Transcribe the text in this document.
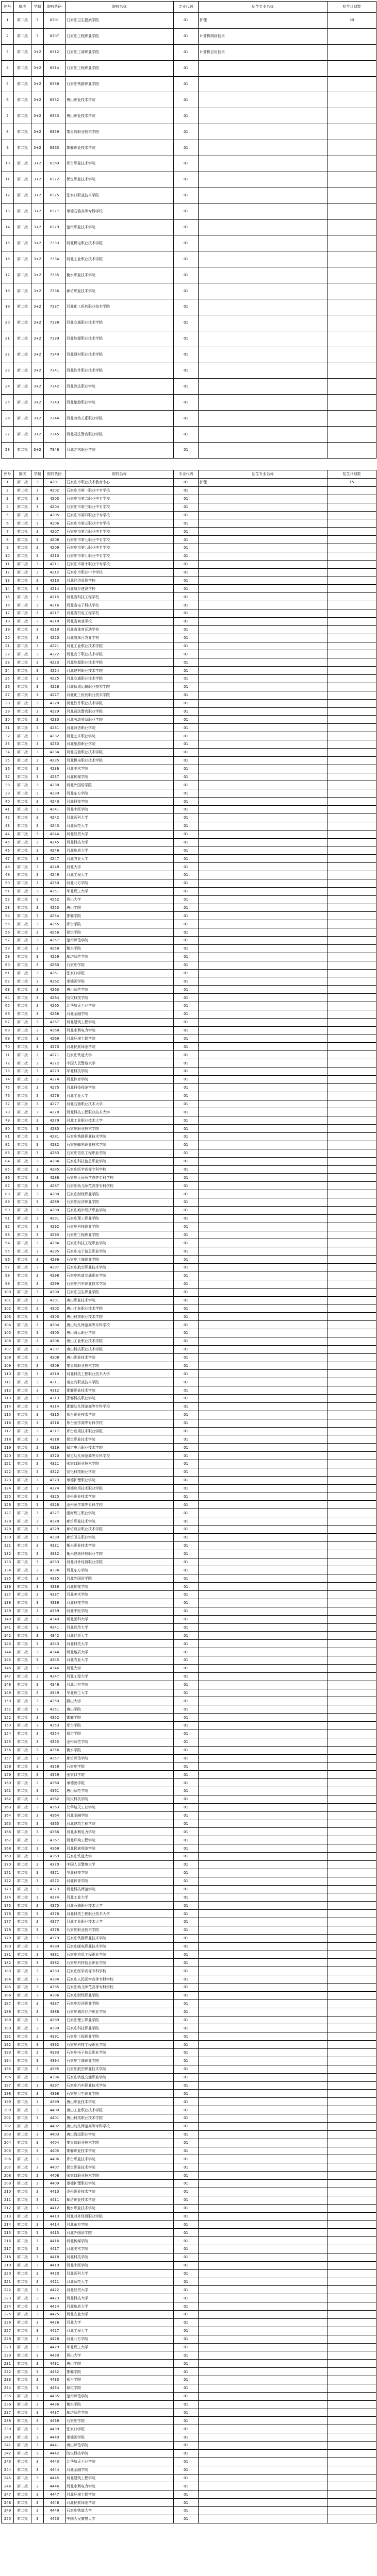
序号	批次	学制	院校代码	院校名称	专业代码	招生专业名称	招生计划数
1	第二批	3	8301	石家庄卫生健康学院	01	护理	30
2	第二批	3	8307	石家庄工程职业学院	01	计算机网络技术	
3	第二批	3+2	8312	石家庄工商职业学院	01	计算机应用技术	
4	第二批	3+2	8314	石家庄工程职业学院	01		
5	第二批	3+2	8338	石家庄铁路职业学院	01		
6	第二批	3+2	8352	唐山职业技术学院	01		
7	第二批	3+2	8353	唐山职业技术学院	01		
8	第二批	3+2	8359	秦皇岛职业技术学院	01		
9	第二批	3+2	8363	邯郸职业技术学院	01		
10	第二批	3+2	8369	邢台职业技术学院	01		
11	第二批	3+2	8372	保定职业技术学院	01		
12	第二批	3+2	8375	张家口职业技术学院	01		
13	第二批	3+2	8377	承德石油高等专科学校	01		
14	第二批	3+2	8379	沧州职业技术学院	01		
15	第二批	3+2	7333	河北机电职业技术学院	01		
16	第二批	3+2	7334	河北工业职业技术学院	01		
17	第二批	3+2	7335	衡水职业技术学院	01		
18	第二批	3+2	7336	廊坊职业技术学院	01		
19	第二批	3+2	7337	河北化工医药职业技术学院	01		
20	第二批	3+2	7338	河北交通职业技术学院	01		
21	第二批	3+2	7339	河北能源职业技术学院	01		
22	第二批	3+2	7340	河北建材职业技术学院	01		
23	第二批	3+2	7341	河北软件职业技术学院	01		
24	第二批	3+2	7342	河北政法职业学院	01		
25	第二批	3+2	7343	河北旅游职业学院	01		
26	第二批	3+2	7344	河北劳动关系职业学院	01		
27	第二批	3+2	7345	河北司法警官职业学院	01		
28	第二批	3+2	7346	河北艺术职业学院	01		
序号	批次	学制	院校代码	院校名称	专业代码	招生专业名称	招生计划数
1	第二批	3	4201	石家庄市职业技术教育中心	01	护理	15
2	第二批	3	4202	石家庄市第一职业中专学校	01		
3	第二批	3	4203	石家庄市第二职业中专学校	01		
4	第二批	3	4204	石家庄市第三职业中专学校	01		
5	第二批	3	4205	石家庄市第四职业中专学校	01		
6	第二批	3	4206	石家庄市第五职业中专学校	01		
7	第二批	3	4207	石家庄市第六职业中专学校	01		
8	第二批	3	4208	石家庄市第七职业中专学校	01		
9	第二批	3	4209	石家庄市第八职业中专学校	01		
10	第二批	3	4210	石家庄市第九职业中专学校	01		
11	第二批	3	4211	石家庄市第十职业中专学校	01		
12	第二批	3	4212	石家庄市职业中专学校	01		
13	第二批	3	4213	河北经济管理学校	01		
14	第二批	3	4214	河北城乡建设学校	01		
15	第二批	3	4215	河北省科技工程学校	01		
16	第二批	3	4216	河北省电子科技学校	01		
17	第二批	3	4217	河北省机电工程学校	01		
18	第二批	3	4218	河北省商业学校	01		
19	第二批	3	4219	河北省体育运动学校	01		
20	第二批	3	4220	河北省邢台农业学校	01		
21	第二批	3	4221	河北工业职业技术学院	01		
22	第二批	3	4222	河北女子职业技术学院	01		
23	第二批	3	4223	河北能源职业技术学院	01		
24	第二批	3	4224	河北建材职业技术学院	01		
25	第二批	3	4225	河北交通职业技术学院	01		
26	第二批	3	4226	河北轨道运输职业技术学院	01		
27	第二批	3	4227	河北化工医药职业技术学院	01		
28	第二批	3	4228	河北软件职业技术学院	01		
29	第二批	3	4229	河北司法警官职业学院	01		
30	第二批	3	4230	河北劳动关系职业学院	01		
31	第二批	3	4231	河北政法职业学院	01		
32	第二批	3	4232	河北艺术职业学院	01		
33	第二批	3	4233	河北旅游职业学院	01		
34	第二批	3	4234	河北石油职业技术学院	01		
35	第二批	3	4235	河北机电职业技术学院	01		
36	第二批	3	4236	河北美术学院	01		
37	第二批	3	4237	河北传媒学院	01		
38	第二批	3	4238	河北外国语学院	01		
39	第二批	3	4239	河北东方学院	01		
40	第二批	3	4240	河北科技学院	01		
41	第二批	3	4241	河北中医学院	01		
42	第二批	3	4242	河北医科大学	01		
43	第二批	3	4243	河北师范大学	01		
44	第二批	3	4244	河北经贸大学	01		
45	第二批	3	4245	河北科技大学	01		
46	第二批	3	4246	河北地质大学	01		
47	第二批	3	4247	河北农业大学	01		
48	第二批	3	4248	河北大学	01		
49	第二批	3	4249	河北工程大学	01		
50	第二批	3	4250	河北北方学院	01		
51	第二批	3	4251	华北理工大学	01		
52	第二批	3	4252	燕山大学	01		
53	第二批	3	4253	唐山学院	01		
54	第二批	3	4254	邯郸学院	01		
55	第二批	3	4255	邢台学院	01		
56	第二批	3	4256	保定学院	01		
57	第二批	3	4257	沧州师范学院	01		
58	第二批	3	4258	衡水学院	01		
59	第二批	3	4259	廊坊师范学院	01		
60	第二批	3	4260	石家庄学院	01		
61	第二批	3	4261	张家口学院	01		
62	第二批	3	4262	承德医学院	01		
63	第二批	3	4263	唐山师范学院	01		
64	第二批	3	4264	防灾科技学院	01		
65	第二批	3	4265	北华航天工业学院	01		
66	第二批	3	4266	河北金融学院	01		
67	第二批	3	4267	河北建筑工程学院	01		
68	第二批	3	4268	河北水利电力学院	01		
69	第二批	3	4269	河北环境工程学院	01		
70	第二批	3	4270	河北民族师范学院	01		
71	第二批	3	4271	石家庄铁道大学	01		
72	第二批	3	4272	中国人民警察大学	01		
73	第二批	3	4273	华北科技学院	01		
74	第二批	3	4274	河北体育学院	01		
75	第二批	3	4275	河北科技师范学院	01		
76	第二批	3	4276	河北工业大学	01		
77	第二批	3	4277	河北石油职业技术大学	01		
78	第二批	3	4278	河北科技工程职业技术大学	01		
79	第二批	3	4279	河北工业职业技术大学	01		
80	第二批	3	4280	石家庄职业技术学院	01		
81	第二批	3	4281	石家庄铁路职业技术学院	01		
82	第二批	3	4282	石家庄邮电职业技术学院	01		
83	第二批	3	4283	石家庄信息工程职业学院	01		
84	第二批	3	4284	石家庄科技信息职业学院	01		
85	第二批	3	4285	石家庄医学高等专科学校	01		
86	第二批	3	4286	石家庄人民医学高等专科学校	01		
87	第二批	3	4287	石家庄幼儿师范高等专科学校	01		
88	第二批	3	4288	石家庄财经职业学院	01		
89	第二批	3	4289	石家庄经济职业学院	01		
90	第二批	3	4290	石家庄城市经济职业学院	01		
91	第二批	3	4291	石家庄理工职业学院	01		
92	第二批	3	4292	石家庄科技职业学院	01		
93	第二批	3	4293	石家庄工程职业学院	01		
94	第二批	3	4294	石家庄科技工程职业学院	01		
95	第二批	3	4295	石家庄电子信息职业学院	01		
96	第二批	3	4296	石家庄工商职业学院	01		
97	第二批	3	4297	石家庄航空职业技术学院	01		
98	第二批	3	4298	石家庄轨道交通职业学院	01		
99	第二批	3	4299	石家庄汽车职业技术学院	01		
100	第二批	3	4300	石家庄卫生职业学院	01		
101	第二批	3	4301	唐山职业技术学院	01		
102	第二批	3	4302	唐山工业职业技术学院	01		
103	第二批	3	4303	唐山科技职业技术学院	01		
104	第二批	3	4304	唐山幼儿师范高等专科学校	01		
105	第二批	3	4305	唐山海运职业学院	01		
106	第二批	3	4306	唐山工业职业技术学院	01		
107	第二批	3	4307	唐山科技职业技术学院	01		
108	第二批	3	4308	唐山职业技术学院	01		
109	第二批	3	4309	秦皇岛职业技术学院	01		
110	第二批	3	4310	河北科技工程职业技术大学	01		
111	第二批	3	4311	秦皇岛职业技术学院	01		
112	第二批	3	4312	邯郸职业技术学院	01		
113	第二批	3	4313	邯郸科技职业学院	01		
114	第二批	3	4314	邯郸幼儿师范高等专科学校	01		
115	第二批	3	4315	邢台职业技术学院	01		
116	第二批	3	4316	邢台医学高等专科学校	01		
117	第二批	3	4317	邢台应用技术职业学院	01		
118	第二批	3	4318	保定职业技术学院	01		
119	第二批	3	4319	保定电力职业技术学院	01		
120	第二批	3	4320	保定幼儿师范高等专科学校	01		
121	第二批	3	4321	张家口职业技术学院	01		
122	第二批	3	4322	宣化科技职业学院	01		
123	第二批	3	4323	承德护理职业学院	01		
124	第二批	3	4324	承德应用技术职业学院	01		
125	第二批	3	4325	沧州职业技术学院	01		
126	第二批	3	4326	沧州医学高等专科学校	01		
127	第二批	3	4327	渤海理工职业学院	01		
128	第二批	3	4328	廊坊职业技术学院	01		
129	第二批	3	4329	廊坊燕京职业技术学院	01		
130	第二批	3	4330	廊坊卫生职业学院	01		
131	第二批	3	4331	衡水职业技术学院	01		
132	第二批	3	4332	衡水健康科技职业学院	01		
133	第二批	3	4333	河北对外经贸职业学院	01		
134	第二批	3	4334	河北东方学院	01		
135	第二批	3	4335	河北外国语学院	01		
136	第二批	3	4336	河北传媒学院	01		
137	第二批	3	4337	河北美术学院	01		
138	第二批	3	4338	河北科技学院	01		
139	第二批	3	4339	河北中医学院	01		
140	第二批	3	4340	河北医科大学	01		
141	第二批	3	4341	河北师范大学	01		
142	第二批	3	4342	河北经贸大学	01		
143	第二批	3	4343	河北科技大学	01		
144	第二批	3	4344	河北地质大学	01		
145	第二批	3	4345	河北农业大学	01		
146	第二批	3	4346	河北大学	01		
147	第二批	3	4347	河北工程大学	01		
148	第二批	3	4348	河北北方学院	01		
149	第二批	3	4349	华北理工大学	01		
150	第二批	3	4350	燕山大学	01		
151	第二批	3	4351	唐山学院	01		
152	第二批	3	4352	邯郸学院	01		
153	第二批	3	4353	邢台学院	01		
154	第二批	3	4354	保定学院	01		
155	第二批	3	4355	沧州师范学院	01		
156	第二批	3	4356	衡水学院	01		
157	第二批	3	4357	廊坊师范学院	01		
158	第二批	3	4358	石家庄学院	01		
159	第二批	3	4359	张家口学院	01		
160	第二批	3	4360	承德医学院	01		
161	第二批	3	4361	唐山师范学院	01		
162	第二批	3	4362	防灾科技学院	01		
163	第二批	3	4363	北华航天工业学院	01		
164	第二批	3	4364	河北金融学院	01		
165	第二批	3	4365	河北建筑工程学院	01		
166	第二批	3	4366	河北水利电力学院	01		
167	第二批	3	4367	河北环境工程学院	01		
168	第二批	3	4368	河北民族师范学院	01		
169	第二批	3	4369	石家庄铁道大学	01		
170	第二批	3	4370	中国人民警察大学	01		
171	第二批	3	4371	华北科技学院	01		
172	第二批	3	4372	河北体育学院	01		
173	第二批	3	4373	河北科技师范学院	01		
174	第二批	3	4374	河北工业大学	01		
175	第二批	3	4375	河北石油职业技术大学	01		
176	第二批	3	4376	河北科技工程职业技术大学	01		
177	第二批	3	4377	河北工业职业技术大学	01		
178	第二批	3	4378	石家庄职业技术学院	01		
179	第二批	3	4379	石家庄铁路职业技术学院	01		
180	第二批	3	4380	石家庄邮电职业技术学院	01		
181	第二批	3	4381	石家庄信息工程职业学院	01		
182	第二批	3	4382	石家庄科技信息职业学院	01		
183	第二批	3	4383	石家庄医学高等专科学校	01		
184	第二批	3	4384	石家庄人民医学高等专科学校	01		
185	第二批	3	4385	石家庄幼儿师范高等专科学校	01		
186	第二批	3	4386	石家庄财经职业学院	01		
187	第二批	3	4387	石家庄经济职业学院	01		
188	第二批	3	4388	石家庄城市经济职业学院	01		
189	第二批	3	4389	石家庄理工职业学院	01		
190	第二批	3	4390	石家庄科技职业学院	01		
191	第二批	3	4391	石家庄工程职业学院	01		
192	第二批	3	4392	石家庄科技工程职业学院	01		
193	第二批	3	4393	石家庄电子信息职业学院	01		
194	第二批	3	4394	石家庄工商职业学院	01		
195	第二批	3	4395	石家庄航空职业技术学院	01		
196	第二批	3	4396	石家庄轨道交通职业学院	01		
197	第二批	3	4397	石家庄汽车职业技术学院	01		
198	第二批	3	4398	石家庄卫生职业学院	01		
199	第二批	3	4399	唐山职业技术学院	01		
200	第二批	3	4400	唐山工业职业技术学院	01		
201	第二批	3	4401	唐山科技职业技术学院	01		
202	第二批	3	4402	唐山幼儿师范高等专科学校	01		
203	第二批	3	4403	唐山海运职业学院	01		
204	第二批	3	4404	秦皇岛职业技术学院	01		
205	第二批	3	4405	邯郸职业技术学院	01		
206	第二批	3	4406	邢台职业技术学院	01		
207	第二批	3	4407	保定职业技术学院	01		
208	第二批	3	4408	张家口职业技术学院	01		
209	第二批	3	4409	承德护理职业学院	01		
210	第二批	3	4410	沧州职业技术学院	01		
211	第二批	3	4411	廊坊职业技术学院	01		
212	第二批	3	4412	衡水职业技术学院	01		
213	第二批	3	4413	河北对外经贸职业学院	01		
214	第二批	3	4414	河北东方学院	01		
215	第二批	3	4415	河北外国语学院	01		
216	第二批	3	4416	河北传媒学院	01		
217	第二批	3	4417	河北美术学院	01		
218	第二批	3	4418	河北科技学院	01		
219	第二批	3	4419	河北中医学院	01		
220	第二批	3	4420	河北医科大学	01		
221	第二批	3	4421	河北师范大学	01		
222	第二批	3	4422	河北经贸大学	01		
223	第二批	3	4423	河北科技大学	01		
224	第二批	3	4424	河北地质大学	01		
225	第二批	3	4425	河北农业大学	01		
226	第二批	3	4426	河北大学	01		
227	第二批	3	4427	河北工程大学	01		
228	第二批	3	4428	河北北方学院	01		
229	第二批	3	4429	华北理工大学	01		
230	第二批	3	4430	燕山大学	01		
231	第二批	3	4431	唐山学院	01		
232	第二批	3	4432	邯郸学院	01		
233	第二批	3	4433	邢台学院	01		
234	第二批	3	4434	保定学院	01		
235	第二批	3	4435	沧州师范学院	01		
236	第二批	3	4436	衡水学院	01		
237	第二批	3	4437	廊坊师范学院	01		
238	第二批	3	4438	石家庄学院	01		
239	第二批	3	4439	张家口学院	01		
240	第二批	3	4440	承德医学院	01		
241	第二批	3	4441	唐山师范学院	01		
242	第二批	3	4442	防灾科技学院	01		
243	第二批	3	4443	北华航天工业学院	01		
244	第二批	3	4444	河北金融学院	01		
245	第二批	3	4445	河北建筑工程学院	01		
246	第二批	3	4446	河北水利电力学院	01		
247	第二批	3	4447	河北环境工程学院	01		
248	第二批	3	4448	河北民族师范学院	01		
249	第二批	3	4449	石家庄铁道大学	01		
250	第二批	3	4450	中国人民警察大学	01		
